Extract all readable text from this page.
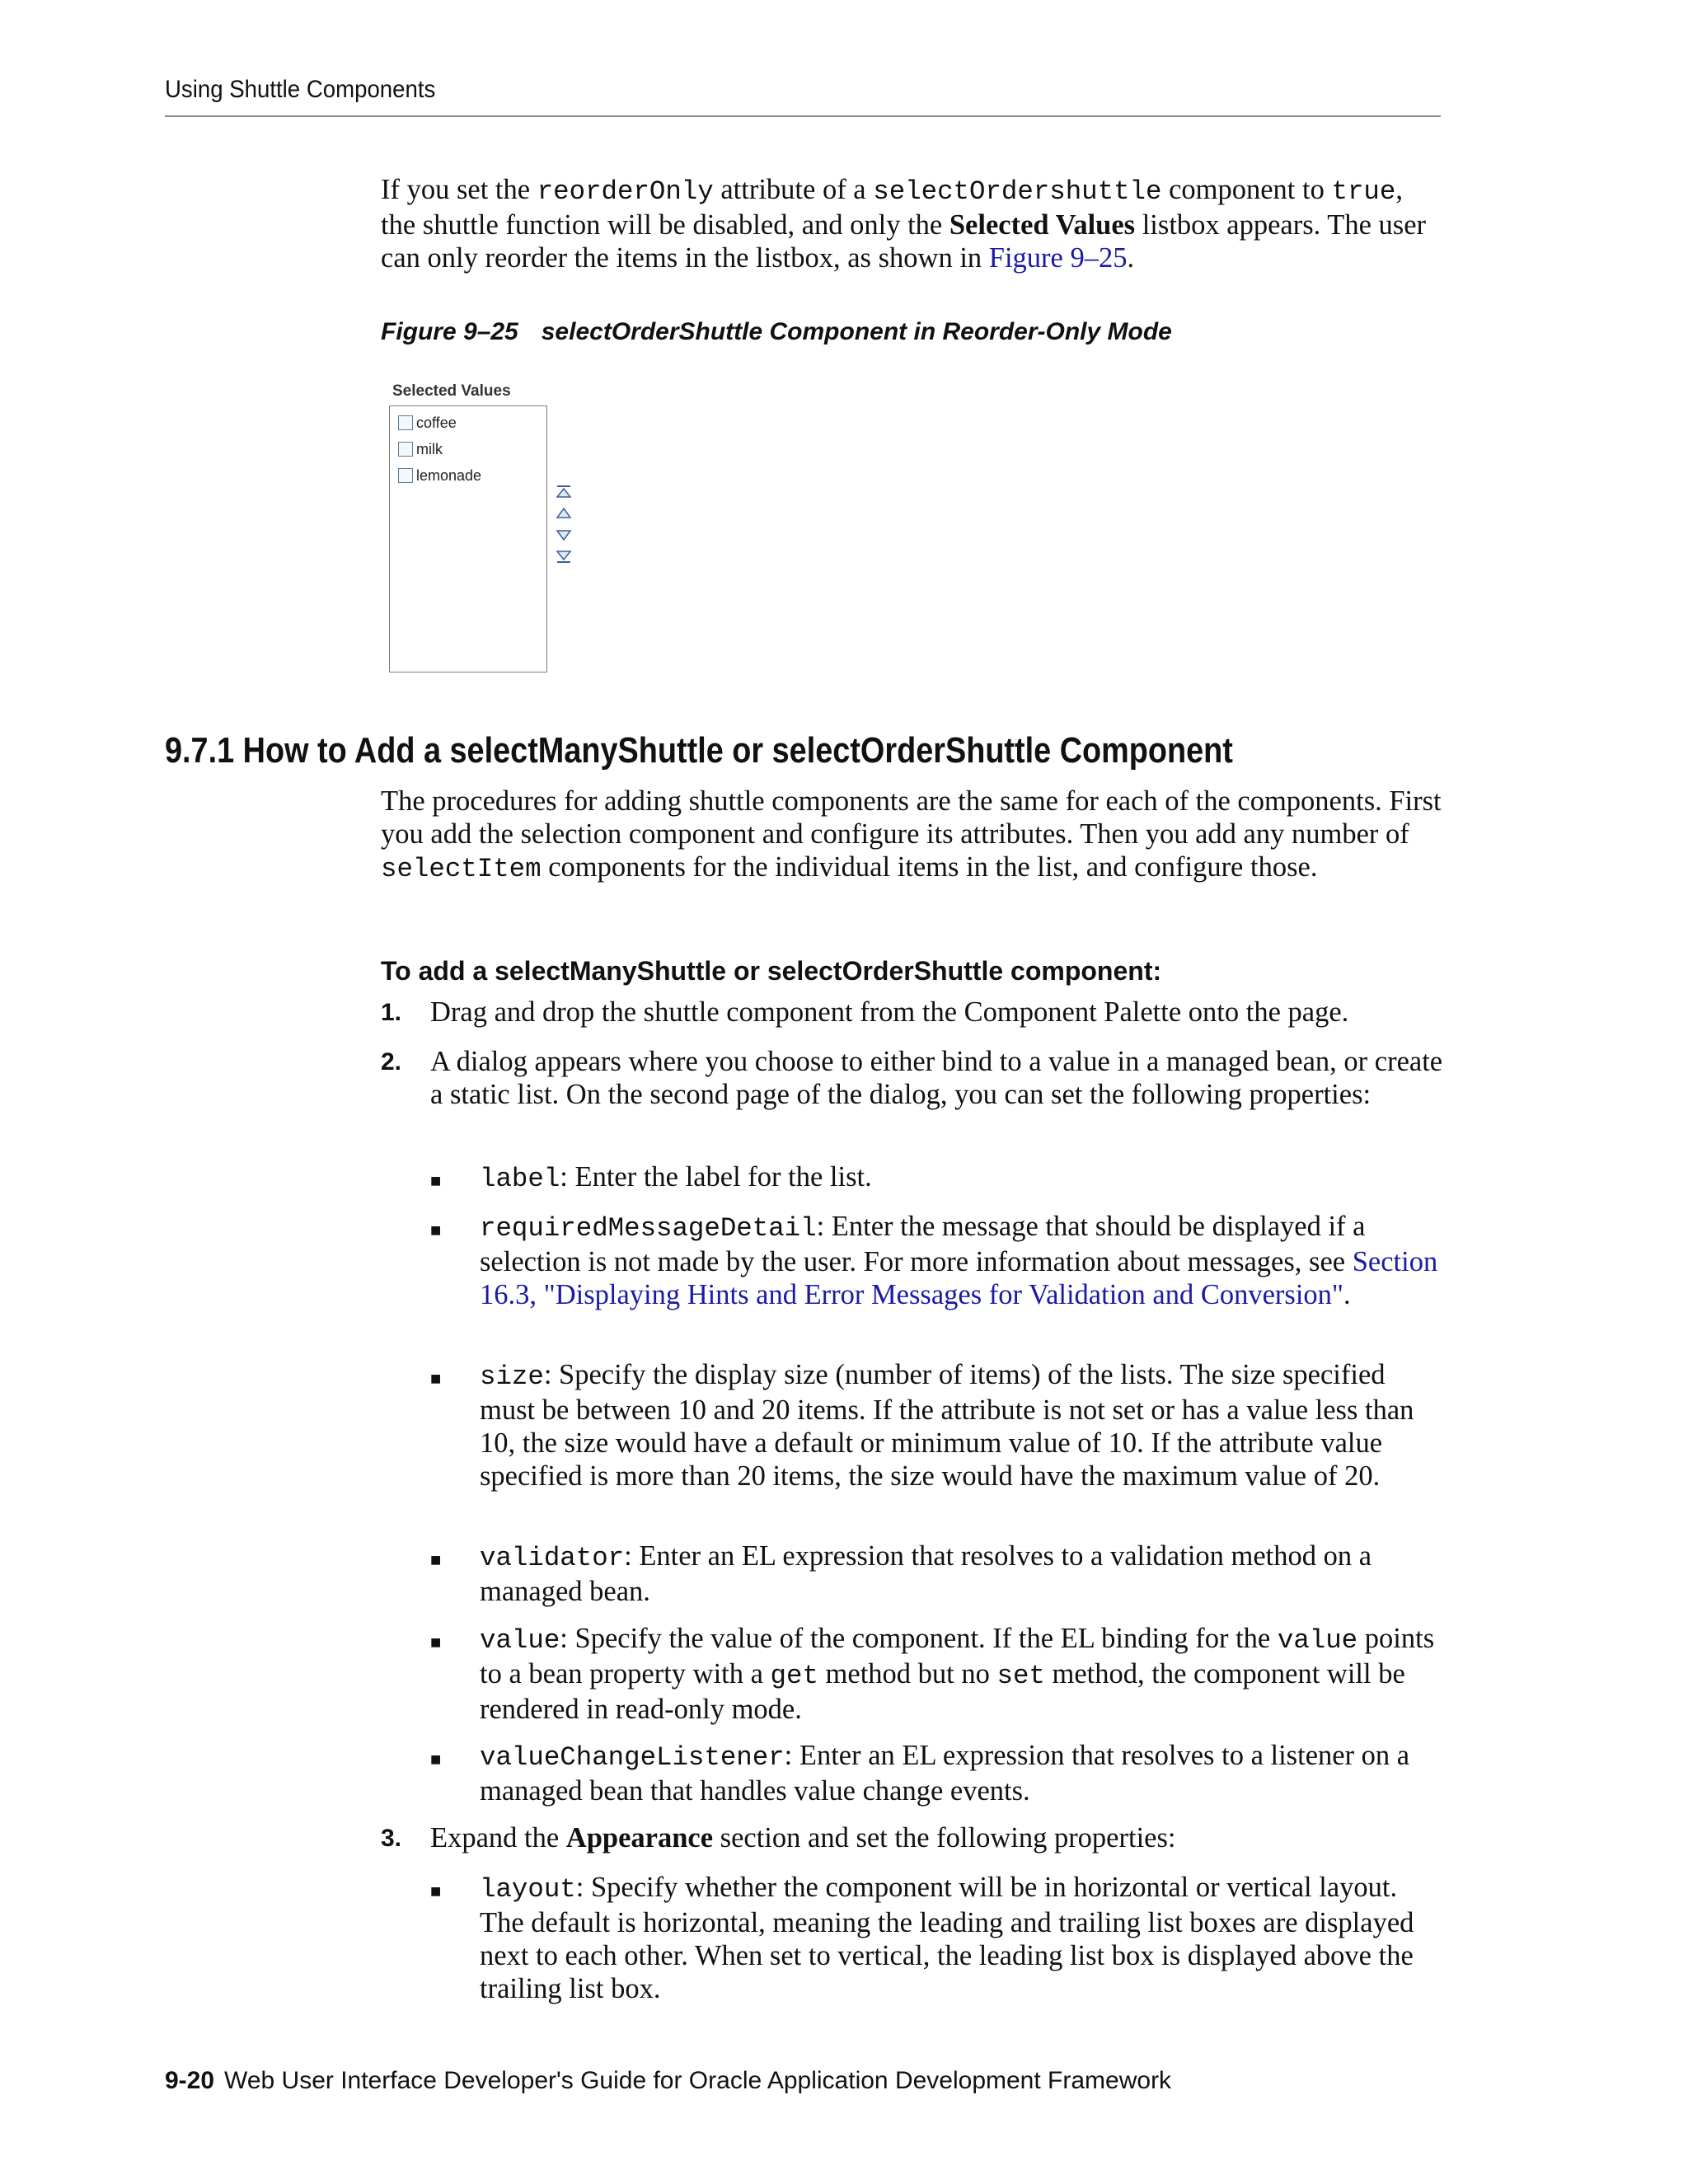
Using Shuttle Components

If you set the reorderOnly attribute of a selectOrdershuttle component to true, the shuttle function will be disabled, and only the Selected Values listbox appears. The user can only reorder the items in the listbox, as shown in Figure 9–25.

Figure 9–25 selectOrderShuttle Component in Reorder-Only Mode
Selected Values
coffee
milk
lemonade
9.7.1 How to Add a selectManyShuttle or selectOrderShuttle Component

The procedures for adding shuttle components are the same for each of the components. First you add the selection component and configure its attributes. Then you add any number of selectItem components for the individual items in the list, and configure those.

To add a selectManyShuttle or selectOrderShuttle component:
1. Drag and drop the shuttle component from the Component Palette onto the page.
2. A dialog appears where you choose to either bind to a value in a managed bean, or create a static list. On the second page of the dialog, you can set the following properties:
■ label: Enter the label for the list.
■ requiredMessageDetail: Enter the message that should be displayed if a selection is not made by the user. For more information about messages, see Section 16.3, "Displaying Hints and Error Messages for Validation and Conversion".
■ size: Specify the display size (number of items) of the lists. The size specified must be between 10 and 20 items. If the attribute is not set or has a value less than 10, the size would have a default or minimum value of 10. If the attribute value specified is more than 20 items, the size would have the maximum value of 20.
■ validator: Enter an EL expression that resolves to a validation method on a managed bean.
■ value: Specify the value of the component. If the EL binding for the value points to a bean property with a get method but no set method, the component will be rendered in read-only mode.
■ valueChangeListener: Enter an EL expression that resolves to a listener on a managed bean that handles value change events.
3. Expand the Appearance section and set the following properties:
■ layout: Specify whether the component will be in horizontal or vertical layout. The default is horizontal, meaning the leading and trailing list boxes are displayed next to each other. When set to vertical, the leading list box is displayed above the trailing list box.
9-20 Web User Interface Developer's Guide for Oracle Application Development Framework
